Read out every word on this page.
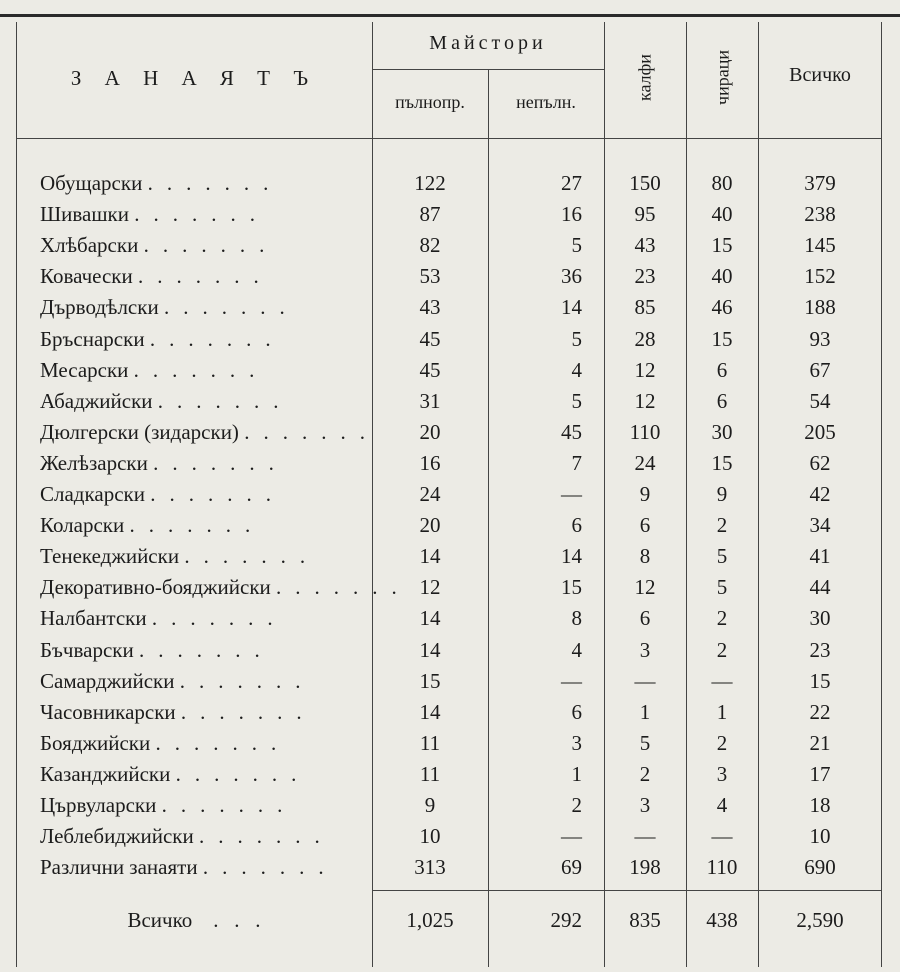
З А Н А Я Т Ъ
Майстори
пълнопр.	непълн.
калфи	чираци	Всичко
Обущарски .......	122	27	150	80	379
Шивашки .......	87	16	95	40	238
Хлѣбарски .......	82	5	43	15	145
Ковачески .......	53	36	23	40	152
Дърводѣлски .......	43	14	85	46	188
Бръснарски .......	45	5	28	15	93
Месарски .......	45	4	12	6	67
Абаджийски .......	31	5	12	6	54
Дюлгерски (зидарски) .......	20	45	110	30	205
Желѣзарски .......	16	7	24	15	62
Сладкарски .......	24	—	9	9	42
Коларски .......	20	6	6	2	34
Тенекеджийски .......	14	14	8	5	41
Декоративно-бояджийски ....... 12	15	12	5	44
Налбантски .......	14	8	6	2	30
Бъчварски .......	14	4	3	2	23
Самарджийски .......	15	—	—	—	15
Часовникарски .......	14	6	1	1	22
Бояджийски .......	11	3	5	2	21
Казанджийски .......	11	1	2	3	17
Цървуларски .......	9	2	3	4	18
Леблебиджийски .......	10	—	—	—	10
Различни занаяти .......	313	69	198	110	690
Всичко    .   .   .	1,025	292	835	438	2,590
